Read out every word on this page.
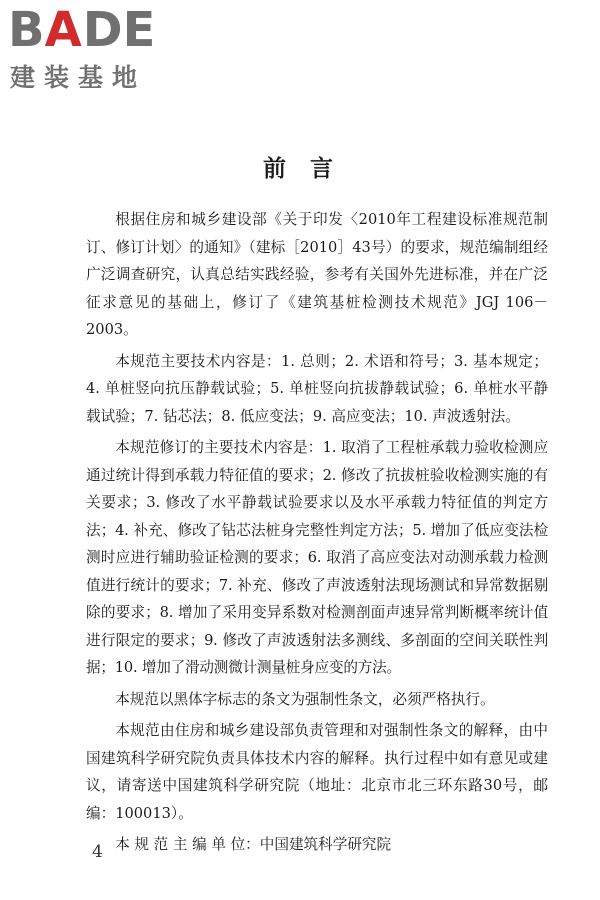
B A DE
建装基地
前言

根据住房和城乡建设部《关于印发〈2010年工程建设标准规范制订、修订计划〉的通知》（建标［2010］43号）的要求，规范编制组经广泛调查研究，认真总结实践经验，参考有关国外先进标准，并在广泛征求意见的基础上，修订了《建筑基桩检测技术规范》JGJ 106－2003。

本规范主要技术内容是：1. 总则；2. 术语和符号；3. 基本规定；4. 单桩竖向抗压静载试验；5. 单桩竖向抗拔静载试验；6. 单桩水平静载试验；7. 钻芯法；8. 低应变法；9. 高应变法；10. 声波透射法。

本规范修订的主要技术内容是：1. 取消了工程桩承载力验收检测应通过统计得到承载力特征值的要求；2. 修改了抗拔桩验收检测实施的有关要求；3. 修改了水平静载试验要求以及水平承载力特征值的判定方法；4. 补充、修改了钻芯法桩身完整性判定方法；5. 增加了低应变法检测时应进行辅助验证检测的要求；6. 取消了高应变法对动测承载力检测值进行统计的要求；7. 补充、修改了声波透射法现场测试和异常数据剔除的要求；8. 增加了采用变异系数对检测剖面声速异常判断概率统计值进行限定的要求；9. 修改了声波透射法多测线、多剖面的空间关联性判据；10. 增加了滑动测微计测量桩身应变的方法。

本规范以黑体字标志的条文为强制性条文，必须严格执行。

本规范由住房和城乡建设部负责管理和对强制性条文的解释，由中国建筑科学研究院负责具体技术内容的解释。执行过程中如有意见或建议，请寄送中国建筑科学研究院（地址：北京市北三环东路30号，邮编：100013）。

本 规 范 主 编 单 位：中国建筑科学研究院

4
